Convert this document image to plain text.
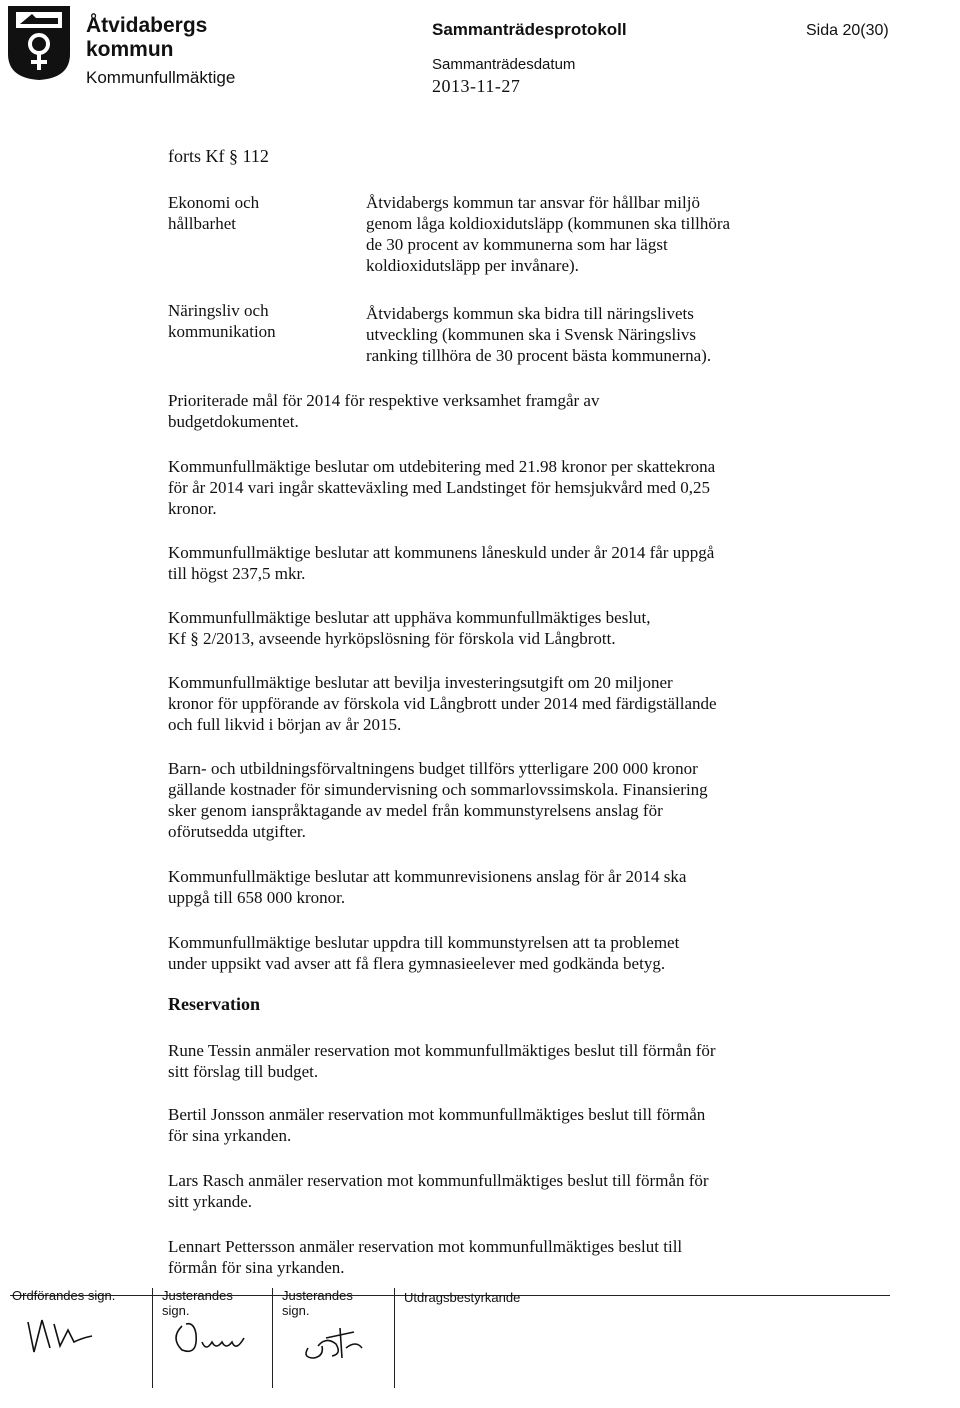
Åtvidabergs
kommun
Kommunfullmäktige
Sammanträdesprotokoll
Sammanträdesdatum
2013-11-27
Sida 20(30)
forts Kf § 112
Ekonomi och
hållbarhet
Åtvidabergs kommun tar ansvar för hållbar miljö
genom låga koldioxidutsläpp (kommunen ska tillhöra
de 30 procent av kommunerna som har lägst
koldioxidutsläpp per invånare).
Näringsliv och
kommunikation
Åtvidabergs kommun ska bidra till näringslivets
utveckling (kommunen ska i Svensk Näringslivs
ranking tillhöra de 30 procent bästa kommunerna).
Prioriterade mål för 2014 för respektive verksamhet framgår av
budgetdokumentet.
Kommunfullmäktige beslutar om utdebitering med 21.98 kronor per skattekrona
för år 2014 vari ingår skatteväxling med Landstinget för hemsjukvård med 0,25
kronor.
Kommunfullmäktige beslutar att kommunens låneskuld under år 2014 får uppgå
till högst 237,5 mkr.
Kommunfullmäktige beslutar att upphäva kommunfullmäktiges beslut,
Kf § 2/2013, avseende hyrköpslösning för förskola vid Långbrott.
Kommunfullmäktige beslutar att bevilja investeringsutgift om 20 miljoner
kronor för uppförande av förskola vid Långbrott under 2014 med färdigställande
och full likvid i början av år 2015.
Barn- och utbildningsförvaltningens budget tillförs ytterligare 200 000 kronor
gällande kostnader för simundervisning och sommarlovssimskola. Finansiering
sker genom ianspråktagande av medel från kommunstyrelsens anslag för
oförutsedda utgifter.
Kommunfullmäktige beslutar att kommunrevisionens anslag för år 2014 ska
uppgå till 658 000 kronor.
Kommunfullmäktige beslutar uppdra till kommunstyrelsen att ta problemet
under uppsikt vad avser att få flera gymnasieelever med godkända betyg.
Reservation
Rune Tessin anmäler reservation mot kommunfullmäktiges beslut till förmån för
sitt förslag till budget.
Bertil Jonsson anmäler reservation mot kommunfullmäktiges beslut till förmån
för sina yrkanden.
Lars Rasch anmäler reservation mot kommunfullmäktiges beslut till förmån för
sitt yrkande.
Lennart Pettersson anmäler reservation mot kommunfullmäktiges beslut till
förmån för sina yrkanden.
Ordförandes sign.	Justerandes
sign.
Justerandes
sign.
Utdragsbestyrkande
